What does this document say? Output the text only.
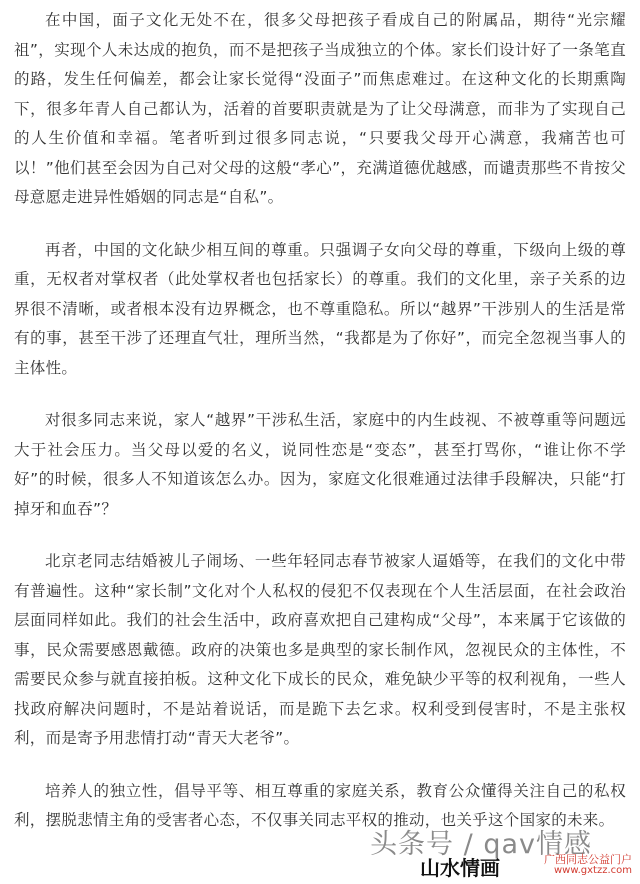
在中国，面子文化无处不在，很多父母把孩子看成自己的附属品，期待“光宗耀祖”，实现个人未达成的抱负，而不是把孩子当成独立的个体。家长们设计好了一条笔直的路，发生任何偏差，都会让家长觉得“没面子”而焦虑难过。在这种文化的长期熏陶下，很多年青人自己都认为，活着的首要职责就是为了让父母满意，而非为了实现自己的人生价值和幸福。笔者听到过很多同志说，“只要我父母开心满意，我痛苦也可以！”他们甚至会因为自己对父母的这般“孝心”，充满道德优越感，而谴责那些不肯按父母意愿走进异性婚姻的同志是“自私”。

再者，中国的文化缺少相互间的尊重。只强调子女向父母的尊重，下级向上级的尊重，无权者对掌权者（此处掌权者也包括家长）的尊重。我们的文化里，亲子关系的边界很不清晰，或者根本没有边界概念，也不尊重隐私。所以“越界”干涉别人的生活是常有的事，甚至干涉了还理直气壮，理所当然，“我都是为了你好”，而完全忽视当事人的主体性。

对很多同志来说，家人“越界”干涉私生活，家庭中的内生歧视、不被尊重等问题远大于社会压力。当父母以爱的名义，说同性恋是“变态”，甚至打骂你，“谁让你不学好”的时候，很多人不知道该怎么办。因为，家庭文化很难通过法律手段解决，只能“打掉牙和血吞”？

北京老同志结婚被儿子闹场、一些年轻同志春节被家人逼婚等，在我们的文化中带有普遍性。这种“家长制”文化对个人私权的侵犯不仅表现在个人生活层面，在社会政治层面同样如此。我们的社会生活中，政府喜欢把自己建构成“父母”，本来属于它该做的事，民众需要感恩戴德。政府的决策也多是典型的家长制作风，忽视民众的主体性，不需要民众参与就直接拍板。这种文化下成长的民众，难免缺少平等的权利视角，一些人找政府解决问题时，不是站着说话，而是跪下去乞求。权利受到侵害时，不是主张权利，而是寄予用悲情打动“青天大老爷”。

培养人的独立性，倡导平等、相互尊重的家庭关系，教育公众懂得关注自己的私权利，摆脱悲情主角的受害者心态，不仅事关同志平权的推动，也关乎这个国家的未来。

头条号 / qav情感
山水情画	广西同志公益门户
www.gxtzz.com
